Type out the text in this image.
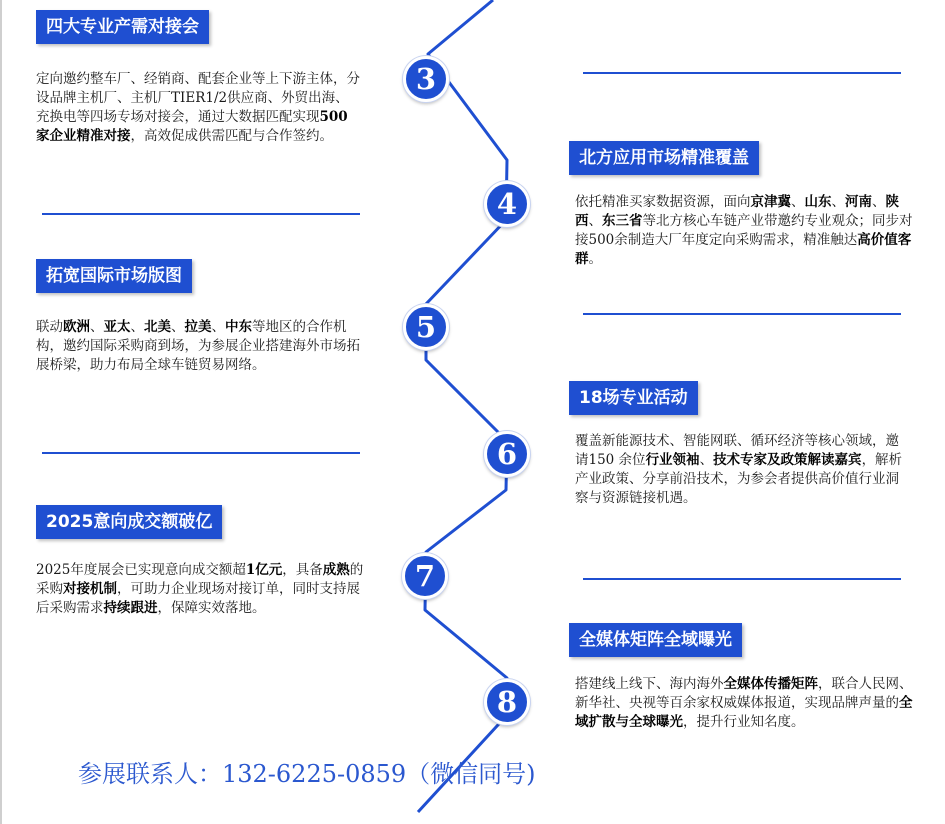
四大专业产需对接会

定向邀约整车厂、经销商、配套企业等上下游主体，分设品牌主机厂、主机厂TIER1/2供应商、外贸出海、充换电等四场专场对接会，通过大数据匹配实现500家企业精准对接，高效促成供需匹配与合作签约。

3
北方应用市场精准覆盖

依托精准买家数据资源，面向京津冀、山东、河南、陕西、东三省等北方核心车链产业带邀约专业观众；同步对接500余制造大厂年度定向采购需求，精准触达高价值客群。

4
拓宽国际市场版图

联动欧洲、亚太、北美、拉美、中东等地区的合作机构，邀约国际采购商到场，为参展企业搭建海外市场拓展桥梁，助力布局全球车链贸易网络。

5
18场专业活动

覆盖新能源技术、智能网联、循环经济等核心领域，邀请150 余位行业领袖、技术专家及政策解读嘉宾，解析产业政策、分享前沿技术，为参会者提供高价值行业洞察与资源链接机遇。

6
2025意向成交额破亿

2025年度展会已实现意向成交额超1亿元，具备成熟的采购对接机制，可助力企业现场对接订单，同时支持展后采购需求持续跟进，保障实效落地。

7
全媒体矩阵全域曝光

搭建线上线下、海内海外全媒体传播矩阵，联合人民网、新华社、央视等百余家权威媒体报道，实现品牌声量的全域扩散与全球曝光，提升行业知名度。

8
参展联系人：132-6225-0859（微信同号)
